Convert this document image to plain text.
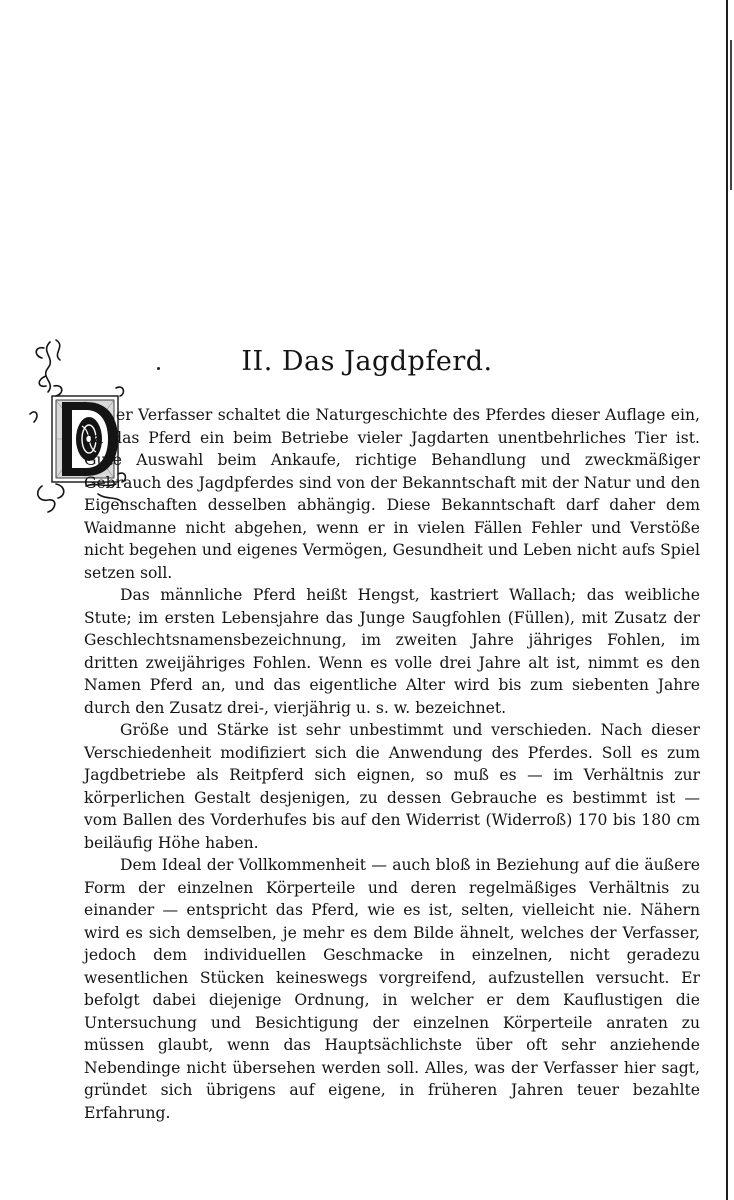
II. Das Jagdpferd.

er Verfasser schaltet die Naturgeschichte des Pferdes dieser Auflage ein, da das Pferd ein beim Betriebe vieler Jagdarten unentbehrliches Tier ist. Gute Auswahl beim Ankaufe, richtige Behandlung und zweckmäßiger Gebrauch des Jagdpferdes sind von der Bekanntschaft mit der Natur und den Eigenschaften desselben abhängig. Diese Bekanntschaft darf daher dem Waidmanne nicht abgehen, wenn er in vielen Fällen Fehler und Verstöße nicht begehen und eigenes Vermögen, Gesundheit und Leben nicht aufs Spiel setzen soll.

Das männliche Pferd heißt Hengst, kastriert Wallach; das weibliche Stute; im ersten Lebensjahre das Junge Saugfohlen (Füllen), mit Zusatz der Geschlechtsnamensbezeichnung, im zweiten Jahre jähriges Fohlen, im dritten zweijähriges Fohlen. Wenn es volle drei Jahre alt ist, nimmt es den Namen Pferd an, und das eigentliche Alter wird bis zum siebenten Jahre durch den Zusatz drei-, vierjährig u. s. w. bezeichnet.

Größe und Stärke ist sehr unbestimmt und verschieden. Nach dieser Verschiedenheit modifiziert sich die Anwendung des Pferdes. Soll es zum Jagdbetriebe als Reitpferd sich eignen, so muß es — im Verhältnis zur körperlichen Gestalt desjenigen, zu dessen Gebrauche es bestimmt ist — vom Ballen des Vorderhufes bis auf den Widerrist (Widerroß) 170 bis 180 cm beiläufig Höhe haben.

Dem Ideal der Vollkommenheit — auch bloß in Beziehung auf die äußere Form der einzelnen Körperteile und deren regelmäßiges Verhältnis zu einander — entspricht das Pferd, wie es ist, selten, vielleicht nie. Nähern wird es sich demselben, je mehr es dem Bilde ähnelt, welches der Verfasser, jedoch dem individuellen Geschmacke in einzelnen, nicht geradezu wesentlichen Stücken keineswegs vorgreifend, aufzustellen versucht. Er befolgt dabei diejenige Ordnung, in welcher er dem Kauflustigen die Untersuchung und Besichtigung der einzelnen Körperteile anraten zu müssen glaubt, wenn das Hauptsächlichste über oft sehr anziehende Nebendinge nicht übersehen werden soll. Alles, was der Verfasser hier sagt, gründet sich übrigens auf eigene, in früheren Jahren teuer bezahlte Erfahrung.
